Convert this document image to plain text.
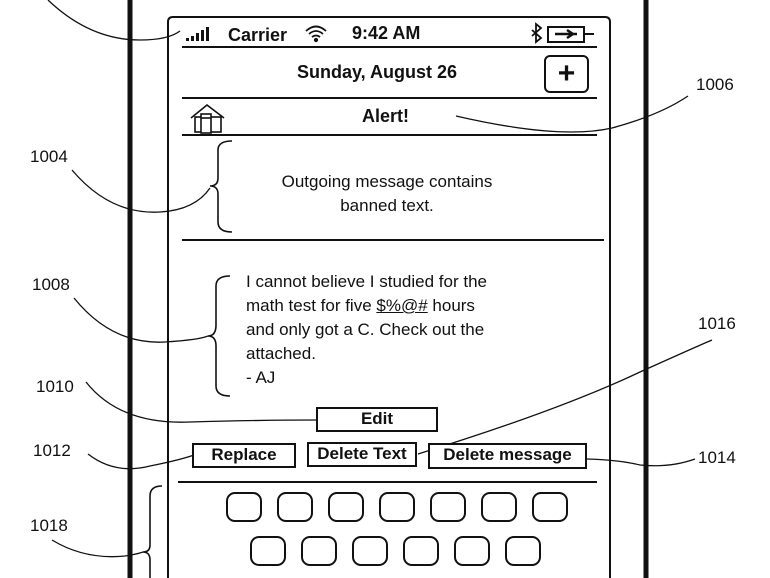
Carrier	9:42 AM
Sunday, August 26	+
Alert!
Outgoing message contains
banned text.
I cannot believe I studied for the
math test for five $%@# hours
and only got a C. Check out the
attached.
- AJ
Edit
Replace	Delete Text	Delete message
1004
1006
1008
1010
1012	1014
1016
1018
